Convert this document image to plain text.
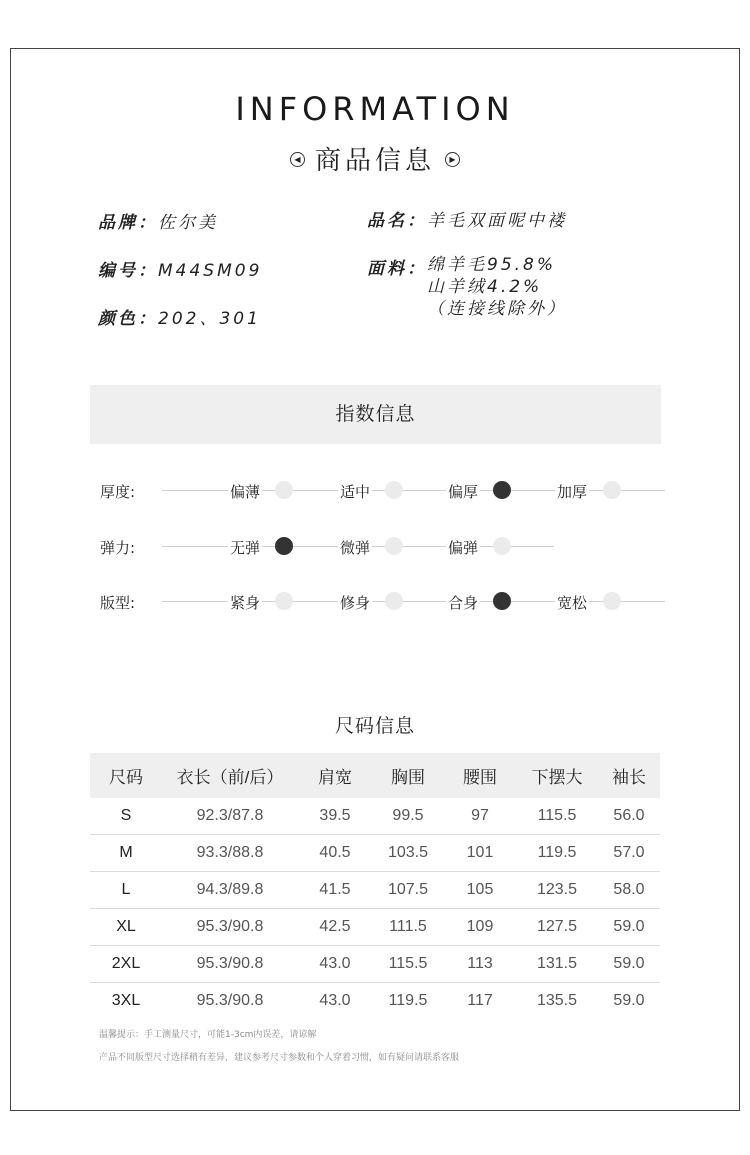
INFORMATION
◀ 商品信息 ▶
品牌：佐尔美
编号：M44SM09
颜色：202、301
品名：羊毛双面呢中褛
面料：绵羊毛95.8%
山羊绒4.2%
（连接线除外）
指数信息
厚度:	偏薄	适中	偏厚	加厚
弹力:	无弹	微弹	偏弹
版型:	紧身	修身	合身	宽松
尺码信息
尺码	衣长（前/后）	肩宽	胸围	腰围	下摆大	袖长
S	92.3/87.8	39.5	99.5	97	115.5	56.0
M	93.3/88.8	40.5	103.5	101	119.5	57.0
L	94.3/89.8	41.5	107.5	105	123.5	58.0
XL	95.3/90.8	42.5	111.5	109	127.5	59.0
2XL	95.3/90.8	43.0	115.5	113	131.5	59.0
3XL	95.3/90.8	43.0	119.5	117	135.5	59.0
温馨提示：手工测量尺寸，可能1-3cm内误差，请谅解
产品不同版型尺寸选择稍有差异，建议参考尺寸参数和个人穿着习惯，如有疑问请联系客服
